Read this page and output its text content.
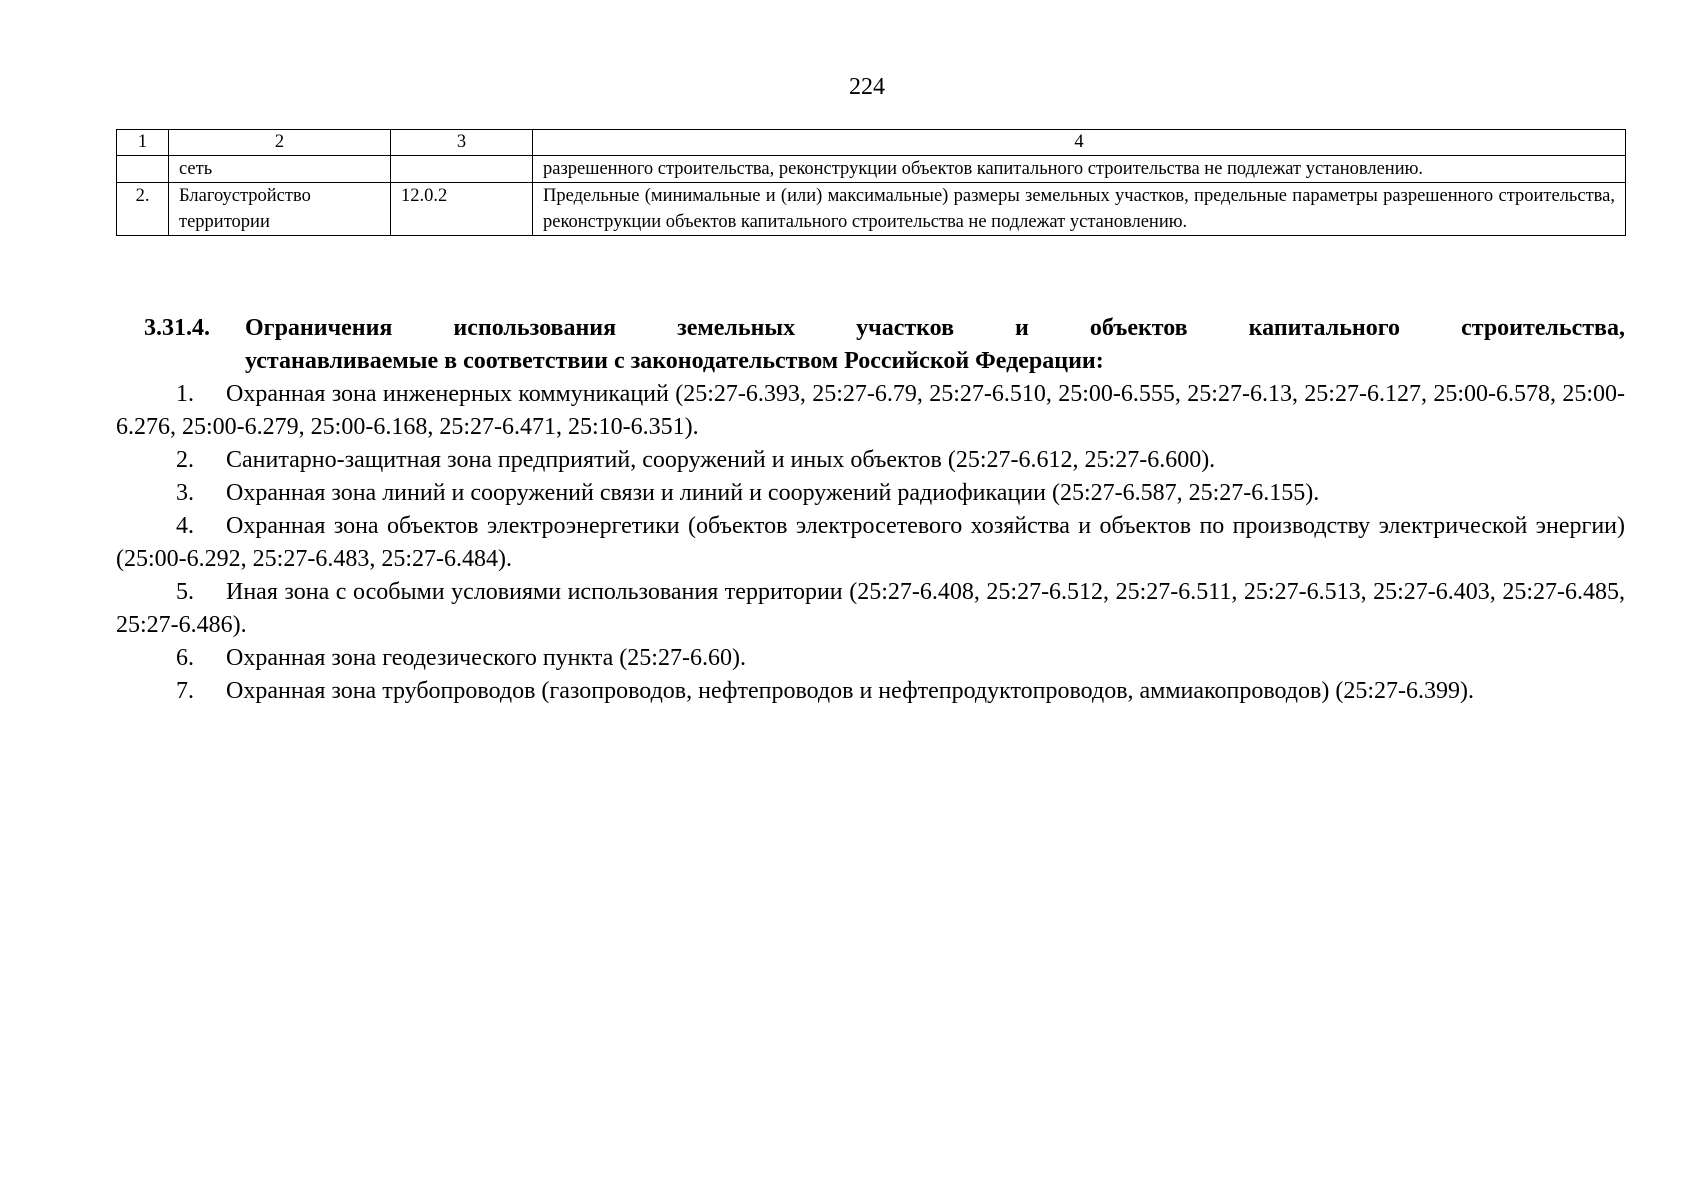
224
1	2	3	4
	сеть		разрешенного строительства, реконструкции объектов капитального строительства не подлежат установлению.
2.	Благоустройство территории	12.0.2	Предельные (минимальные и (или) максимальные) размеры земельных участков, предельные параметры разрешенного строительства, реконструкции объектов капитального строительства не подлежат установлению.
3.31.4.	Ограничения использования земельных участков и объектов капитального строительства,
устанавливаемые в соответствии с законодательством Российской Федерации:

1. Охранная зона инженерных коммуникаций (25:27-6.393, 25:27-6.79, 25:27-6.510, 25:00-6.555, 25:27-6.13, 25:27-6.127, 25:00-6.578, 25:00-6.276, 25:00-6.279, 25:00-6.168, 25:27-6.471, 25:10-6.351).

2. Санитарно-защитная зона предприятий, сооружений и иных объектов (25:27-6.612, 25:27-6.600).

3. Охранная зона линий и сооружений связи и линий и сооружений радиофикации (25:27-6.587, 25:27-6.155).

4. Охранная зона объектов электроэнергетики (объектов электросетевого хозяйства и объектов по производству электрической энергии) (25:00-6.292, 25:27-6.483, 25:27-6.484).

5. Иная зона с особыми условиями использования территории (25:27-6.408, 25:27-6.512, 25:27-6.511, 25:27-6.513, 25:27-6.403, 25:27-6.485, 25:27-6.486).

6. Охранная зона геодезического пункта (25:27-6.60).

7. Охранная зона трубопроводов (газопроводов, нефтепроводов и нефтепродуктопроводов, аммиакопроводов) (25:27-6.399).
